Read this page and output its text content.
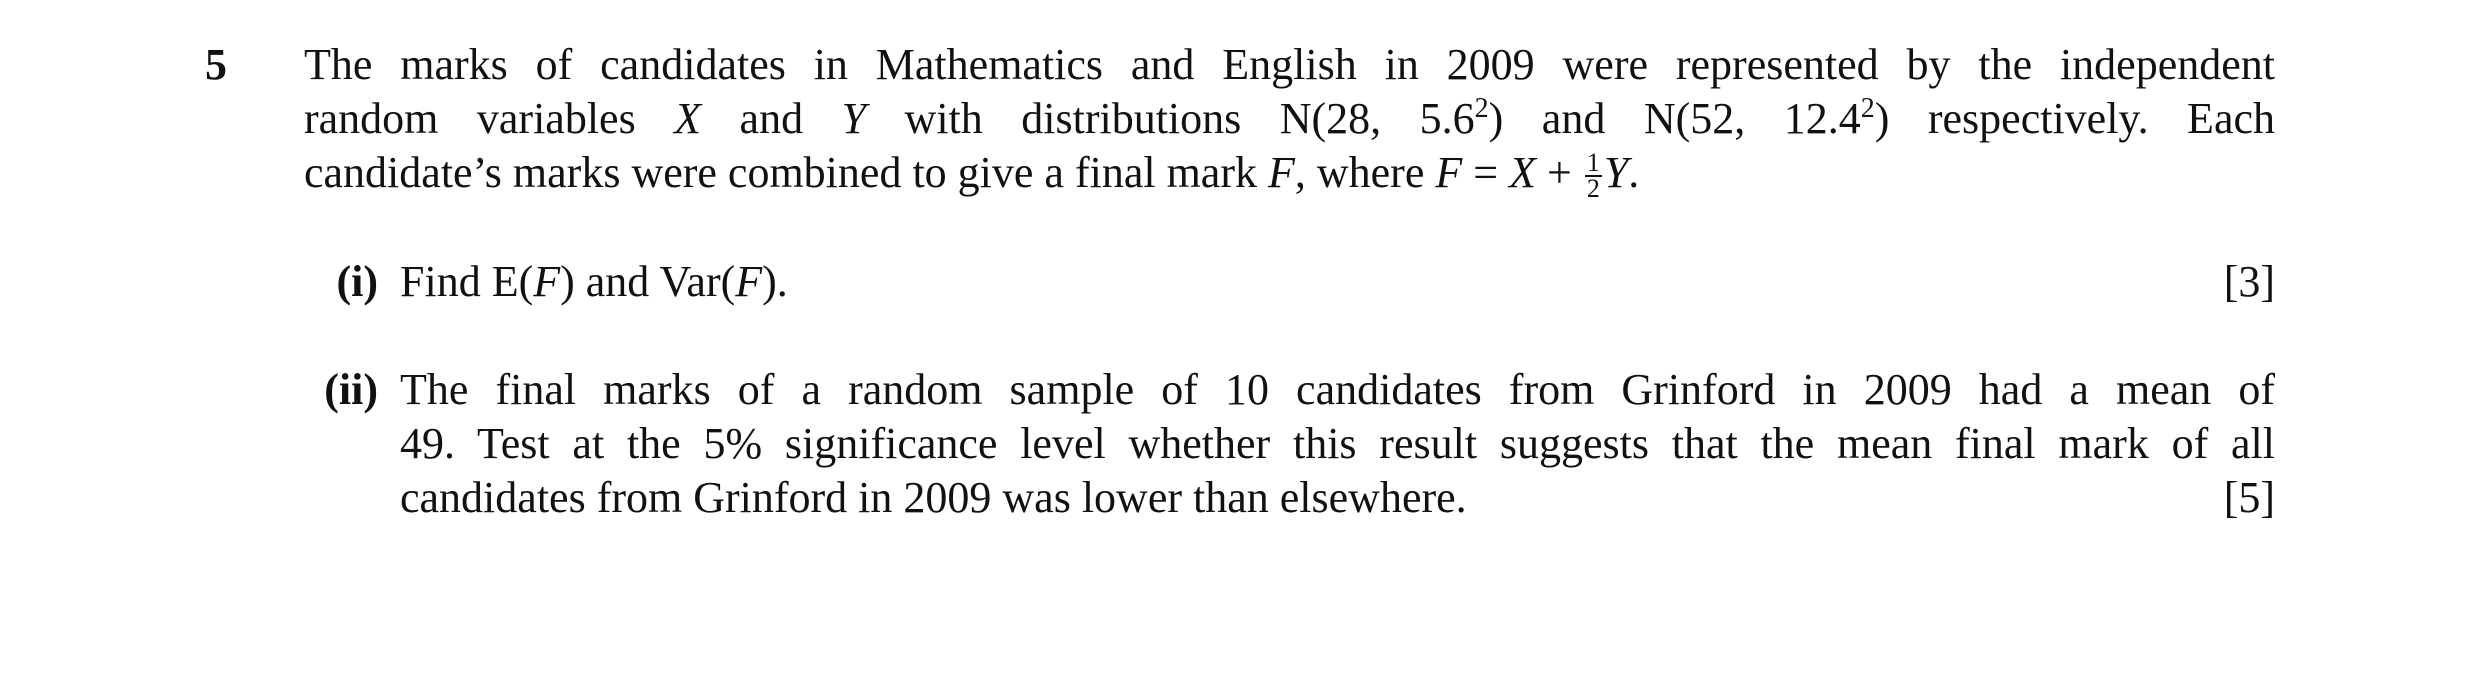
5 The marks of candidates in Mathematics and English in 2009 were represented by the independent
random variables X and Y with distributions N(28, $5.6^2$) and N(52, 12.4$^2$) respectively. Each
candidate’s marks were combined to give a final mark F, where $F = X + \frac{1}{2} Y$.
(i) Find E(F) and Var(F).	[3]
(ii) The final marks of a random sample of 10 candidates from Grinford in 2009 had a mean of
49. Test at the 5% significance level whether this result suggests that the mean final mark of all
candidates from Grinford in 2009 was lower than elsewhere.	[5]
